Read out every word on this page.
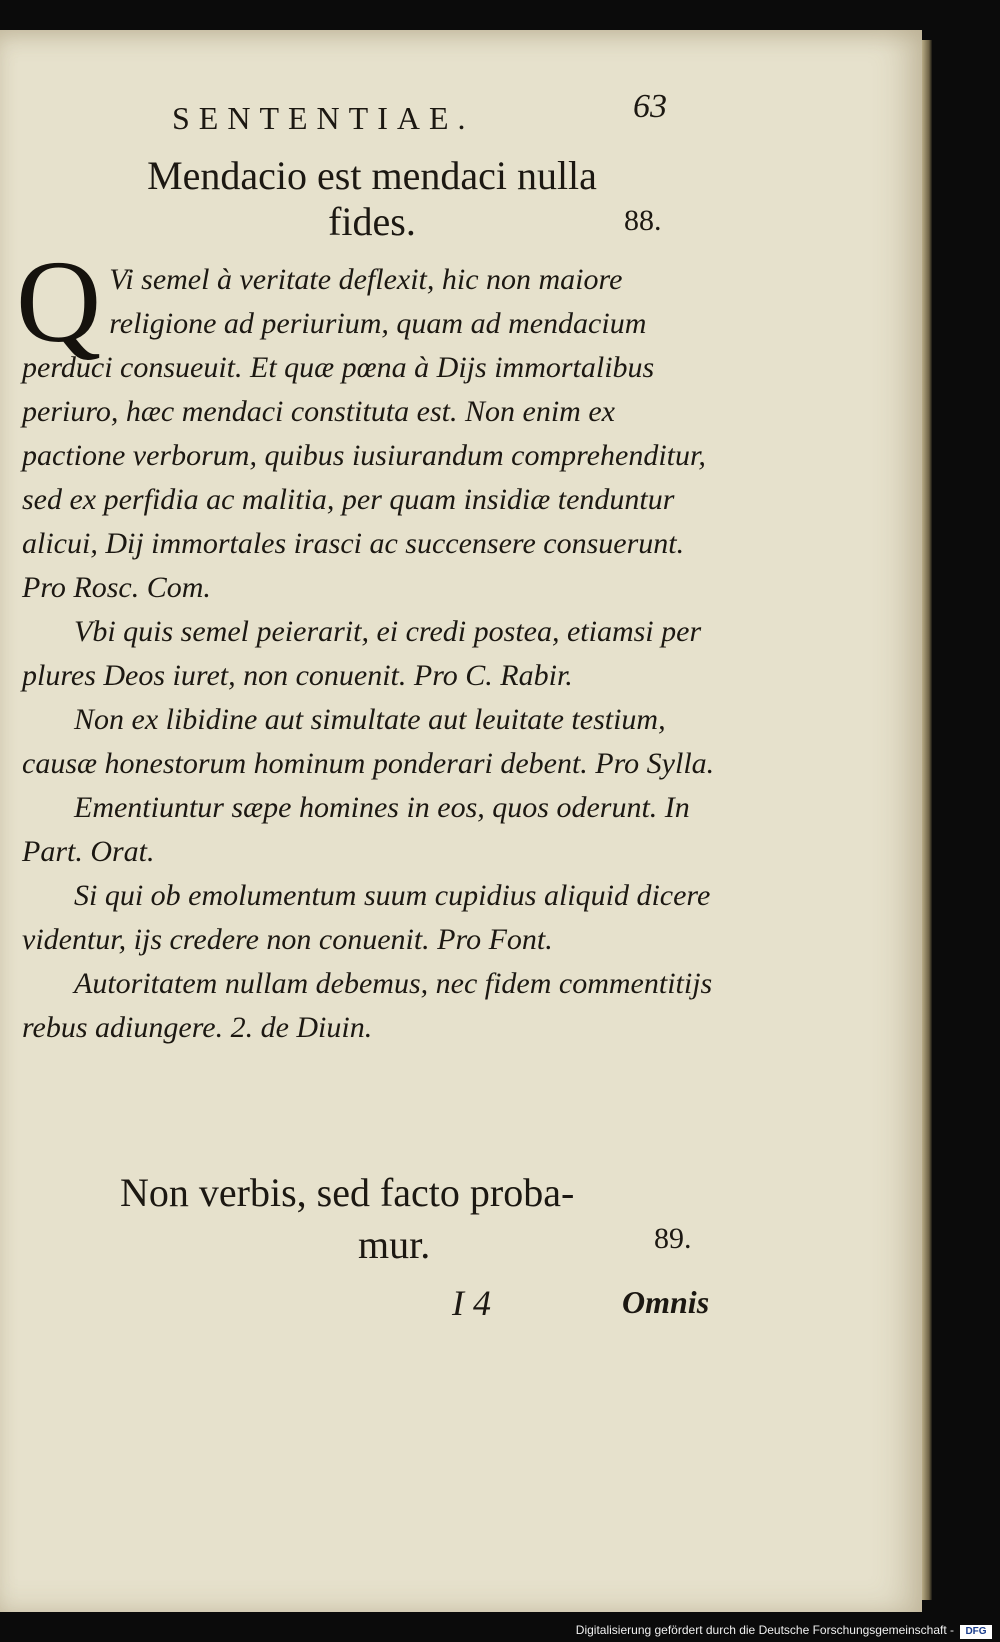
SENTENTIAE.	63
Mendacio est mendaci nulla
fides.	88.

Q Vi semel à veritate deflexit, hic non maiore religione ad periurium, quam ad mendacium perduci consueuit. Et quæ pœna à Dijs immortalibus periuro, hæc mendaci constituta est. Non enim ex pactione verborum, quibus iusiurandum comprehenditur, sed ex perfidia ac malitia, per quam insidiæ tenduntur alicui, Dij immortales irasci ac succensere consuerunt. Pro Rosc. Com.

Vbi quis semel peierarit, ei credi postea, etiamsi per plures Deos iuret, non conuenit. Pro C. Rabir.

Non ex libidine aut simultate aut leuitate testium, causæ honestorum hominum ponderari debent. Pro Sylla.

Ementiuntur sæpe homines in eos, quos oderunt. In Part. Orat.

Si qui ob emolumentum suum cupidius aliquid dicere videntur, ijs credere non conuenit. Pro Font.

Autoritatem nullam debemus, nec fidem commentitijs rebus adiungere. 2. de Diuin.

Non verbis, sed facto proba-
mur.	89.
I 4	Omnis
Digitalisierung gefördert durch die Deutsche Forschungsgemeinschaft -	DFG
